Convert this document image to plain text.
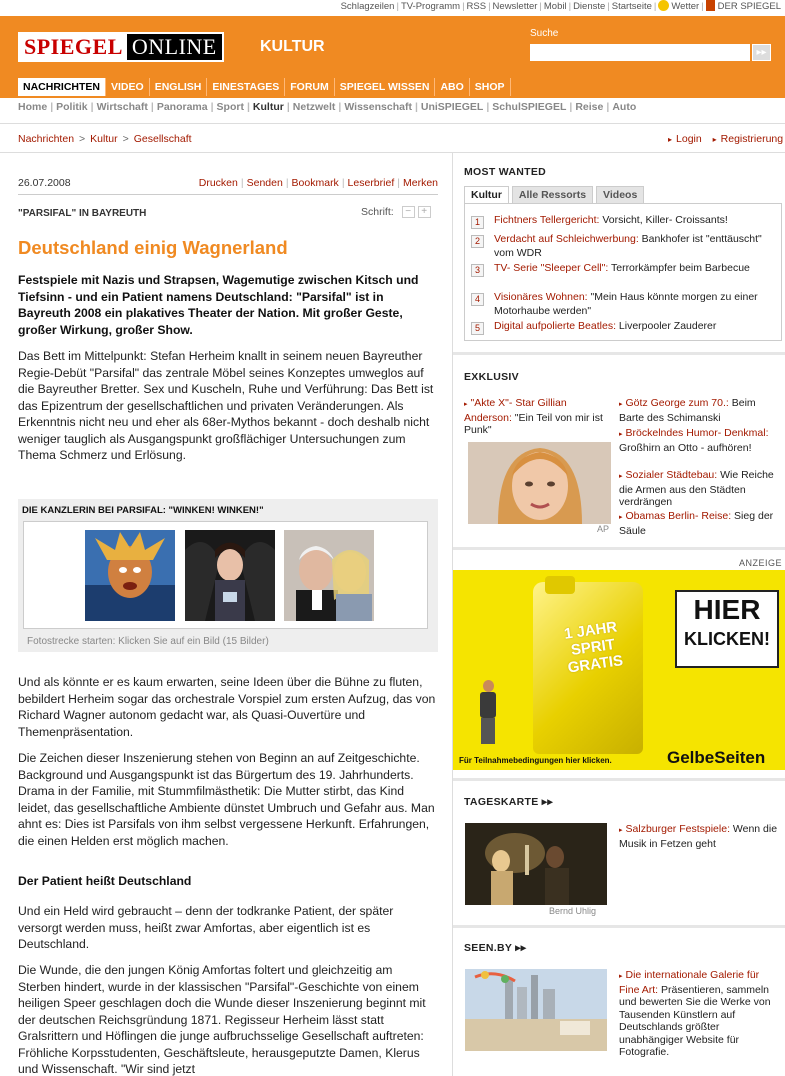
Schlagzeilen | TV-Programm | RSS | Newsletter | Mobil | Dienste | Startseite | Wetter | DER SPIEGEL
SPIEGEL ONLINE	KULTUR
Suche
▸▸
NACHRICHTEN	VIDEO	ENGLISH	EINESTAGES	FORUM	SPIEGEL WISSEN	ABO	SHOP
Home | Politik | Wirtschaft | Panorama | Sport | Kultur | Netzwelt | Wissenschaft | UniSPIEGEL | SchulSPIEGEL | Reise | Auto
Nachrichten > Kultur > Gesellschaft	▸ Login ▸ Registrierung
26.07.2008	Drucken | Senden | Bookmark | Leserbrief | Merken
"PARSIFAL" IN BAYREUTH	Schrift:	−	+
Deutschland einig Wagnerland

Festspiele mit Nazis und Strapsen, Wagemutige zwischen Kitsch und Tiefsinn - und ein Patient namens Deutschland: "Parsifal" ist in Bayreuth 2008 ein plakatives Theater der Nation. Mit großer Geste, großer Wirkung, großer Show.

Das Bett im Mittelpunkt: Stefan Herheim knallt in seinem neuen Bayreuther Regie-Debüt "Parsifal" das zentrale Möbel seines Konzeptes umweglos auf die Bayreuther Bretter. Sex und Kuscheln, Ruhe und Verführung: Das Bett ist das Epizentrum der gesellschaftlichen und privaten Veränderungen. Als Erkenntnis nicht neu und eher als 68er-Mythos bekannt - doch deshalb nicht weniger tauglich als Ausgangspunkt großflächiger Untersuchungen zum Thema Schmerz und Erlösung.

DIE KANZLERIN BEI PARSIFAL: "WINKEN! WINKEN!"
Fotostrecke starten: Klicken Sie auf ein Bild (15 Bilder)

Und als könnte er es kaum erwarten, seine Ideen über die Bühne zu fluten, bebildert Herheim sogar das orchestrale Vorspiel zum ersten Aufzug, das von Richard Wagner autonom gedacht war, als Quasi-Ouvertüre und Themenpräsentation.

Die Zeichen dieser Inszenierung stehen von Beginn an auf Zeitgeschichte. Background und Ausgangspunkt ist das Bürgertum des 19. Jahrhunderts. Drama in der Familie, mit Stummfilmästhetik: Die Mutter stirbt, das Kind leidet, das gesellschaftliche Ambiente dünstet Umbruch und Gefahr aus. Man ahnt es: Dies ist Parsifals von ihm selbst vergessene Herkunft. Erfahrungen, die einen Helden erst möglich machen.

Der Patient heißt Deutschland

Und ein Held wird gebraucht – denn der todkranke Patient, der später versorgt werden muss, heißt zwar Amfortas, aber eigentlich ist es Deutschland.

Die Wunde, die den jungen König Amfortas foltert und gleichzeitig am Sterben hindert, wurde in der klassischen "Parsifal"-Geschichte von einem heiligen Speer geschlagen doch die Wunde dieser Inszenierung beginnt mit der deutschen Reichsgründung 1871. Regisseur Herheim lässt statt Gralsrittern und Höflingen die junge aufbruchsselige Gesellschaft auftreten: Fröhliche Korpsstudenten, Geschäftsleute, herausgeputzte Damen, Klerus und Wissenschaft. "Wir sind jetzt

MOST WANTED
Kultur	Alle Ressorts	Videos
1	Fichtners Tellergericht: Vorsicht, Killer- Croissants!
2	Verdacht auf Schleichwerbung: Bankhofer ist "enttäuscht" vom WDR
3	TV- Serie "Sleeper Cell": Terrorkämpfer beim Barbecue
4	Visionäres Wohnen: "Mein Haus könnte morgen zu einer Motorhaube werden"
5	Digital aufpolierte Beatles: Liverpooler Zauderer
EXKLUSIV
▸ "Akte X"- Star Gillian Anderson: "Ein Teil von mir ist Punk"
AP
▸ Götz George zum 70.: Beim Barte des Schimanski
▸ Bröckelndes Humor- Denkmal: Großhirn an Otto - aufhören!
▸ Sozialer Städtebau: Wie Reiche die Armen aus den Städten verdrängen
▸ Obamas Berlin- Reise: Sieg der Säule
ANZEIGE
1 JAHR SPRIT GRATIS
HIER
KLICKEN!
Für Teilnahmebedingungen hier klicken.	GelbeSeiten
TAGESKARTE ▸▸
Bernd Uhlig
▸ Salzburger Festspiele: Wenn die Musik in Fetzen geht
SEEN.BY ▸▸
▸ Die internationale Galerie für Fine Art: Präsentieren, sammeln und bewerten Sie die Werke von Tausenden Künstlern auf Deutschlands größter unabhängiger Website für Fotografie.
